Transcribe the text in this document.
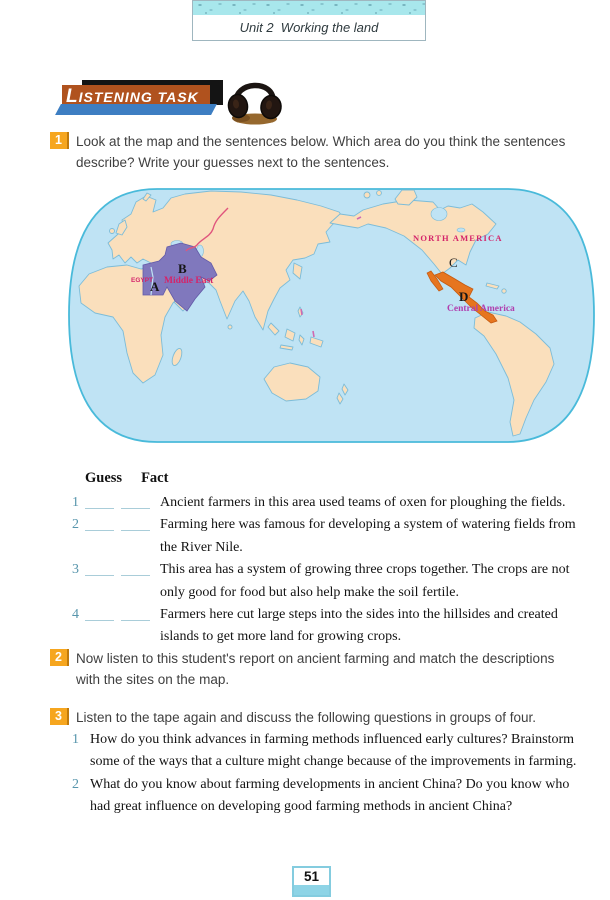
Unit 2  Working the land
LISTENING TASK
1	Look at the map and the sentences below. Which area do you think the sentences describe? Write your guesses next to the sentences.

EGYPT
A
B
Middle East
NORTH AMERICA
C
D
Central America
Guess Fact
1	Ancient farmers in this area used teams of oxen for ploughing the fields.

2	Farming here was famous for developing a system of watering fields from the River Nile.

3	This area has a system of growing three crops together. The crops are not only good for food but also help make the soil fertile.

4	Farmers here cut large steps into the sides into the hillsides and created islands to get more land for growing crops.

2	Now listen to this student's report on ancient farming and match the descriptions with the sites on the map.

3	Listen to the tape again and discuss the following questions in groups of four.

1 How do you think advances in farming methods influenced early cultures? Brainstorm some of the ways that a culture might change because of the improvements in farming.

2 What do you know about farming developments in ancient China? Do you know who had great influence on developing good farming methods in ancient China?

51
